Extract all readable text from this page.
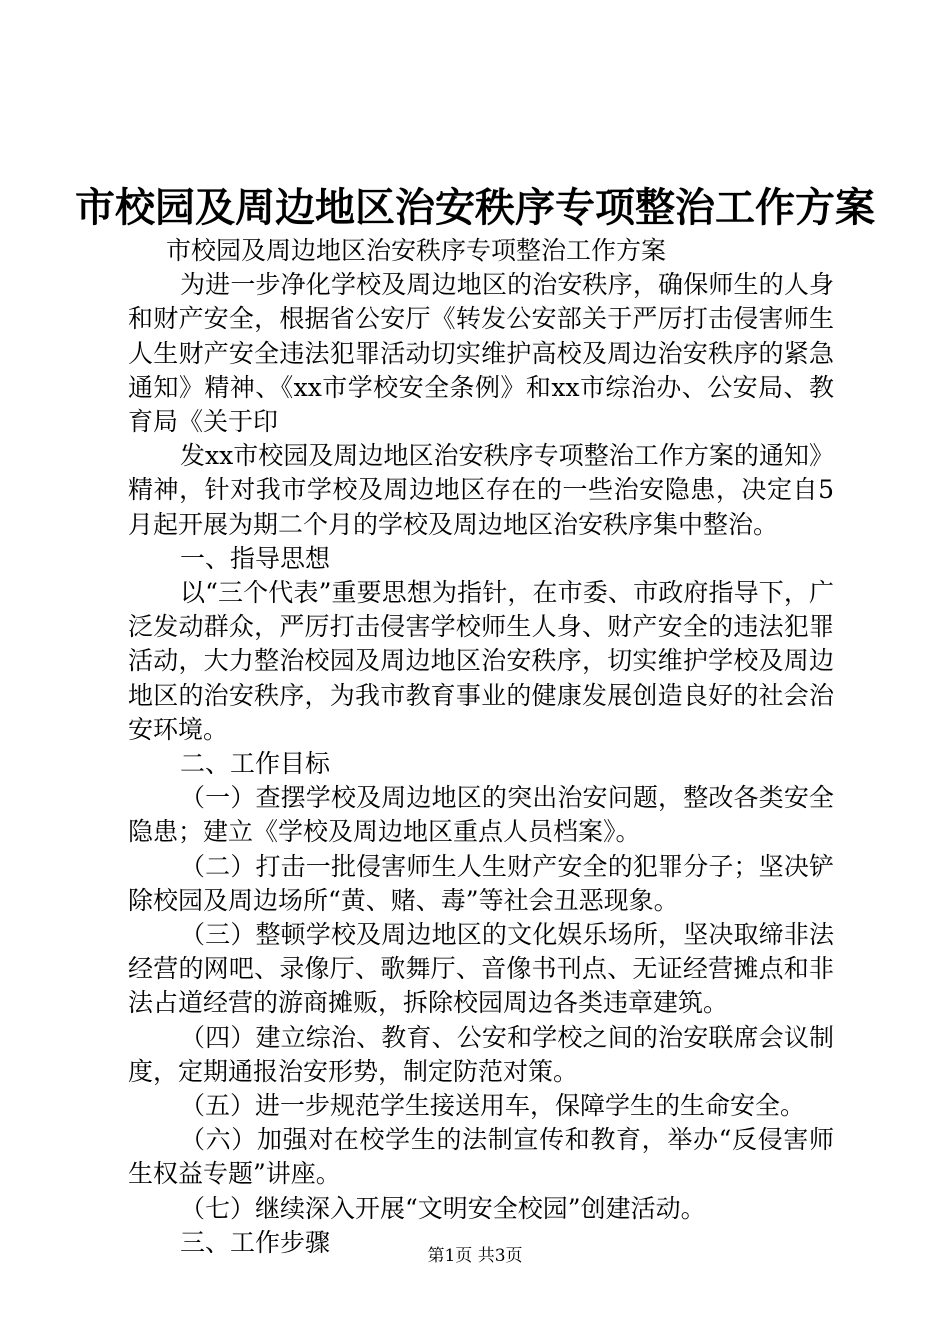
市校园及周边地区治安秩序专项整治工作方案

市校园及周边地区治安秩序专项整治工作方案

为进一步净化学校及周边地区的治安秩序，确保师生的人身和财产安全，根据省公安厅《转发公安部关于严厉打击侵害师生人生财产安全违法犯罪活动切实维护高校及周边治安秩序的紧急通知》精神、《xx市学校安全条例》和xx市综治办、公安局、教育局《关于印

发xx市校园及周边地区治安秩序专项整治工作方案的通知》精神，针对我市学校及周边地区存在的一些治安隐患，决定自5月起开展为期二个月的学校及周边地区治安秩序集中整治。

一、指导思想

以“三个代表”重要思想为指针，在市委、市政府指导下，广泛发动群众，严厉打击侵害学校师生人身、财产安全的违法犯罪活动，大力整治校园及周边地区治安秩序，切实维护学校及周边地区的治安秩序，为我市教育事业的健康发展创造良好的社会治安环境。

二、工作目标

（一）查摆学校及周边地区的突出治安问题，整改各类安全隐患；建立《学校及周边地区重点人员档案》。

（二）打击一批侵害师生人生财产安全的犯罪分子；坚决铲除校园及周边场所“黄、赌、毒”等社会丑恶现象。

（三）整顿学校及周边地区的文化娱乐场所，坚决取缔非法经营的网吧、录像厅、歌舞厅、音像书刊点、无证经营摊点和非法占道经营的游商摊贩，拆除校园周边各类违章建筑。

（四）建立综治、教育、公安和学校之间的治安联席会议制度，定期通报治安形势，制定防范对策。

（五）进一步规范学生接送用车，保障学生的生命安全。

（六）加强对在校学生的法制宣传和教育，举办“反侵害师生权益专题”讲座。

（七）继续深入开展“文明安全校园”创建活动。

三、工作步骤	第1页 共3页
